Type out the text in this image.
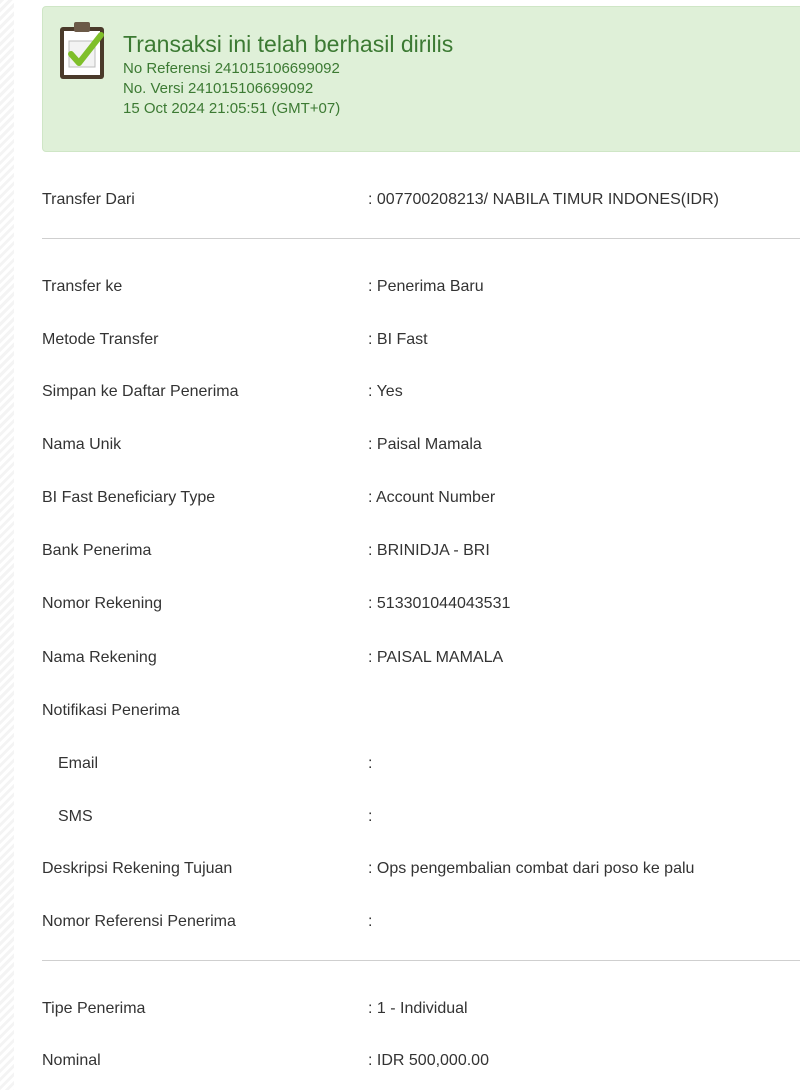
Transaksi ini telah berhasil dirilis
No Referensi 241015106699092
No. Versi 241015106699092
15 Oct 2024 21:05:51 (GMT+07)
Transfer Dari	: 007700208213/ NABILA TIMUR INDONES(IDR)
Transfer ke	: Penerima Baru
Metode Transfer	: BI Fast
Simpan ke Daftar Penerima	: Yes
Nama Unik	: Paisal Mamala
BI Fast Beneficiary Type	: Account Number
Bank Penerima	: BRINIDJA - BRI
Nomor Rekening	: 513301044043531
Nama Rekening	: PAISAL MAMALA
Notifikasi Penerima
Email	:
SMS	:
Deskripsi Rekening Tujuan	: Ops pengembalian combat dari poso ke palu
Nomor Referensi Penerima	:
Tipe Penerima	: 1 - Individual
Nominal	: IDR 500,000.00
